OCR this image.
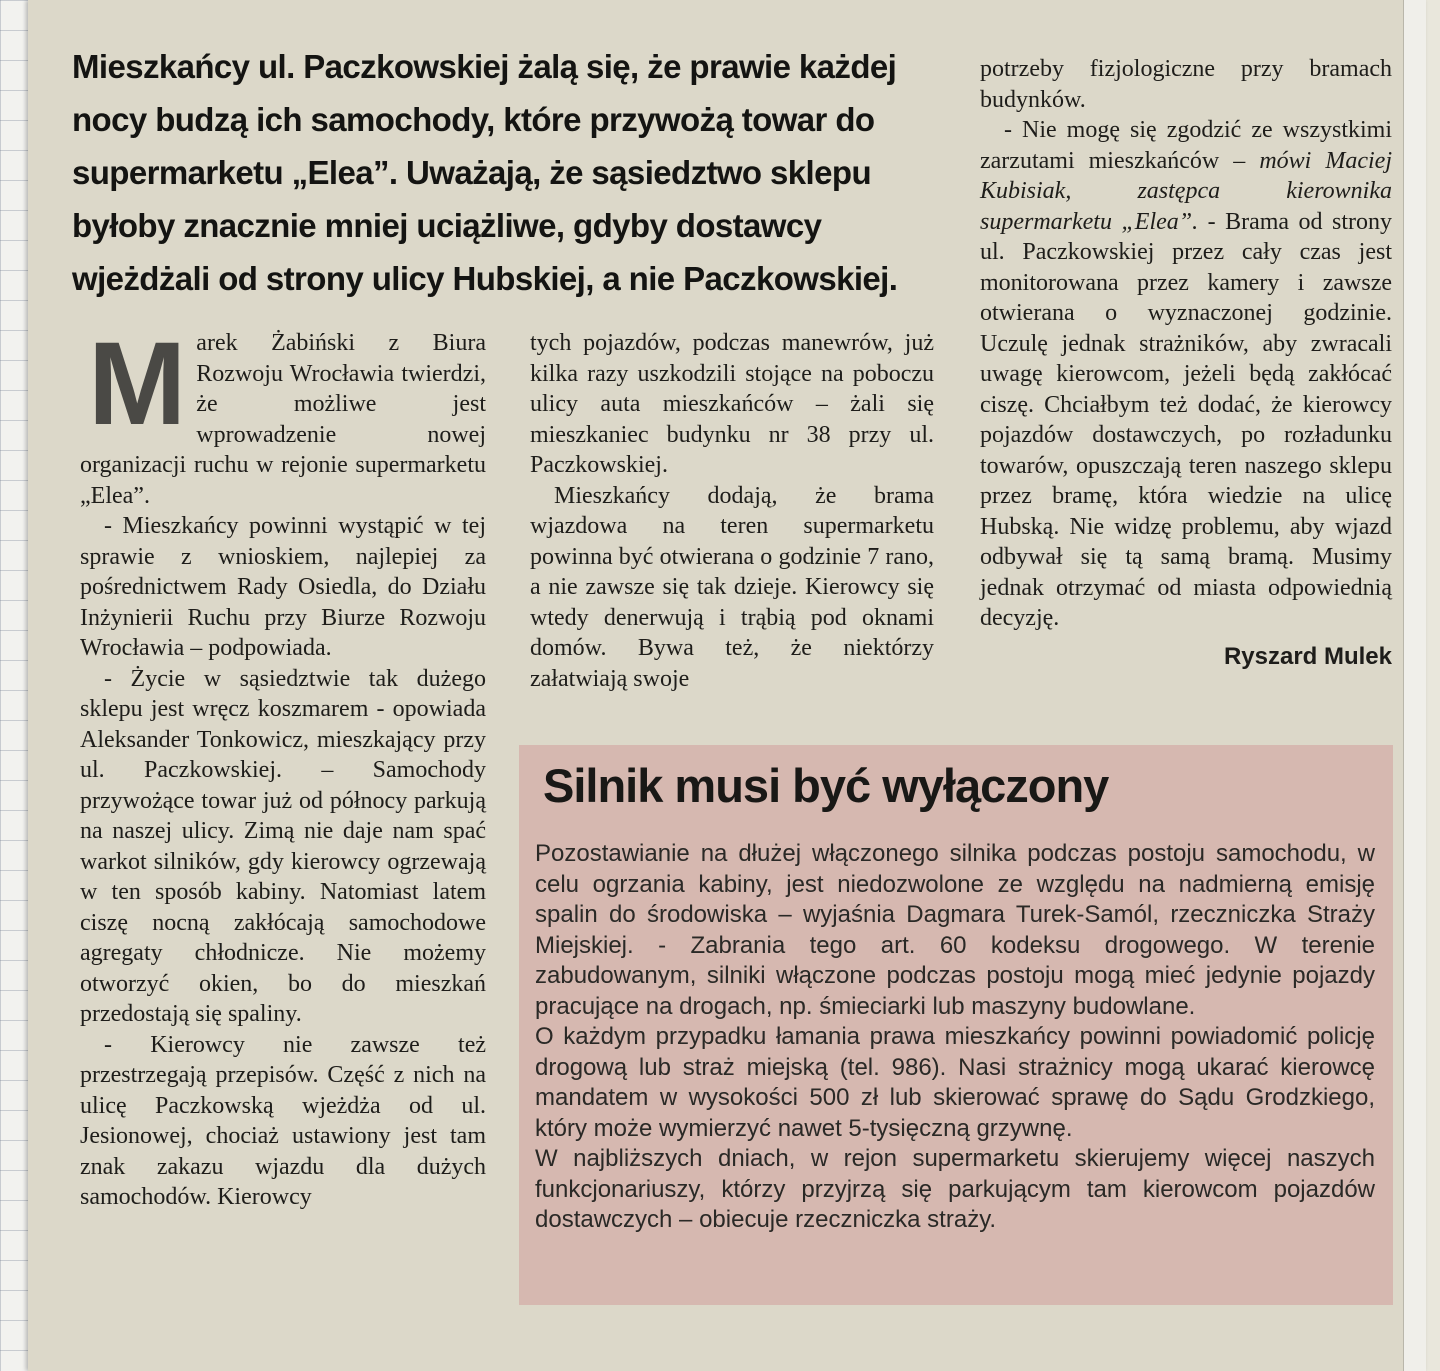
Mieszkańcy ul. Paczkowskiej żalą się, że prawie każdej nocy budzą ich samochody, które przywożą towar do supermarketu „Elea”. Uważają, że sąsiedztwo sklepu byłoby znacznie mniej uciążliwe, gdyby dostawcy wjeżdżali od strony ulicy Hubskiej, a nie Paczkowskiej.

Marek Żabiński z Biura Rozwoju Wrocławia twierdzi, że możliwe jest wprowadzenie nowej organizacji ruchu w rejonie supermarketu „Elea”.

- Mieszkańcy powinni wystąpić w tej sprawie z wnioskiem, najlepiej za pośrednictwem Rady Osiedla, do Działu Inżynierii Ruchu przy Biurze Rozwoju Wrocławia – podpowiada.

- Życie w sąsiedztwie tak dużego sklepu jest wręcz koszmarem - opowiada Aleksander Tonkowicz, mieszkający przy ul. Paczkowskiej. – Samochody przywożące towar już od północy parkują na naszej ulicy. Zimą nie daje nam spać warkot silników, gdy kierowcy ogrzewają w ten sposób kabiny. Natomiast latem ciszę nocną zakłócają samochodowe agregaty chłodnicze. Nie możemy otworzyć okien, bo do mieszkań przedostają się spaliny.

- Kierowcy nie zawsze też przestrzegają przepisów. Część z nich na ulicę Paczkowską wjeżdża od ul. Jesionowej, chociaż ustawiony jest tam znak zakazu wjazdu dla dużych samochodów. Kierowcy

tych pojazdów, podczas manewrów, już kilka razy uszkodzili stojące na poboczu ulicy auta mieszkańców – żali się mieszkaniec budynku nr 38 przy ul. Paczkowskiej.

Mieszkańcy dodają, że brama wjazdowa na teren supermarketu powinna być otwierana o godzinie 7 rano, a nie zawsze się tak dzieje. Kierowcy się wtedy denerwują i trąbią pod oknami domów. Bywa też, że niektórzy załatwiają swoje

potrzeby fizjologiczne przy bramach budynków.

- Nie mogę się zgodzić ze wszystkimi zarzutami mieszkańców – mówi Maciej Kubisiak, zastępca kierownika supermarketu „Elea”. - Brama od strony ul. Paczkowskiej przez cały czas jest monitorowana przez kamery i zawsze otwierana o wyznaczonej godzinie. Uczulę jednak strażników, aby zwracali uwagę kierowcom, jeżeli będą zakłócać ciszę. Chciałbym też dodać, że kierowcy pojazdów dostawczych, po rozładunku towarów, opuszczają teren naszego sklepu przez bramę, która wiedzie na ulicę Hubską. Nie widzę problemu, aby wjazd odbywał się tą samą bramą. Musimy jednak otrzymać od miasta odpowiednią decyzję.

Ryszard Mulek
Silnik musi być wyłączony

Pozostawianie na dłużej włączonego silnika podczas postoju samochodu, w celu ogrzania kabiny, jest niedozwolone ze względu na nadmierną emisję spalin do środowiska – wyjaśnia Dagmara Turek-Samól, rzeczniczka Straży Miejskiej. - Zabrania tego art. 60 kodeksu drogowego. W terenie zabudowanym, silniki włączone podczas postoju mogą mieć jedynie pojazdy pracujące na drogach, np. śmieciarki lub maszyny budowlane.

O każdym przypadku łamania prawa mieszkańcy powinni powiadomić policję drogową lub straż miejską (tel. 986). Nasi strażnicy mogą ukarać kierowcę mandatem w wysokości 500 zł lub skierować sprawę do Sądu Grodzkiego, który może wymierzyć nawet 5-tysięczną grzywnę.

W najbliższych dniach, w rejon supermarketu skierujemy więcej naszych funkcjonariuszy, którzy przyjrzą się parkującym tam kierowcom pojazdów dostawczych – obiecuje rzeczniczka straży.
